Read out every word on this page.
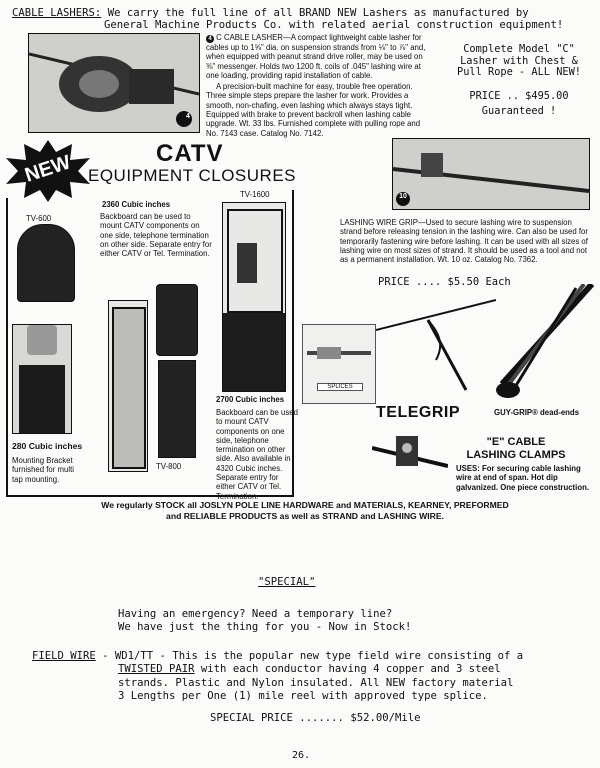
CABLE LASHERS: We carry the full line of all BRAND NEW Lashers as manufactured by
General Machine Products Co. with related aerial construction equipment!
4

4 C CABLE LASHER—A compact lightweight cable lasher for cables up to 1⅝" dia. on suspension strands from ⅛" to ⅞" and, when equipped with peanut strand drive roller, may be used on ⅜" messenger. Holds two 1200 ft. coils of .045" lashing wire at one loading, providing rapid installation of cable.

A precision-built machine for easy, trouble free operation. Three simple steps prepare the lasher for work. Provides a smooth, non-chafing, even lashing which always stays tight. Equipped with brake to prevent backroll when lashing cable upgrade. Wt. 33 lbs. Furnished complete with pulling rope and No. 7143 case. Catalog No. 7142.

Complete Model "C"
Lasher with Chest &
Pull Rope - ALL NEW!
PRICE .. $495.00
Guaranteed !
NEW	CATV
EQUIPMENT CLOSURES
TV-600
2360 Cubic inches
Backboard can be used to mount CATV components on one side, telephone termination on other side. Separate entry for either CATV or Tel. Termination.
TV-1600
280 Cubic inches
Mounting Bracket furnished for multi tap mounting.
TV-800
2700 Cubic inches
Backboard can be used to mount CATV components on one side, telephone termination on other side. Also available in 4320 Cubic inches. Separate entry for either CATV or Tel. Termination.
10
LASHING WIRE GRIP—Used to secure lashing wire to suspension strand before releasing tension in the lashing wire. Can also be used for temporarily fastening wire before lashing. It can be used with all sizes of lashing wire on most sizes of strand. It should be used as a tool and not as a permanent installation. Wt. 10 oz. Catalog No. 7362.
PRICE .... $5.50 Each
SPLICES
TELEGRIP	GUY-GRIP® dead-ends
"E" CABLE
LASHING CLAMPS
USES: For securing cable lashing wire at end of span. Hot dip galvanized. One piece construction.
We regularly STOCK all JOSLYN POLE LINE HARDWARE and MATERIALS, KEARNEY, PREFORMED
and RELIABLE PRODUCTS as well as STRAND and LASHING WIRE.
"SPECIAL"
Having an emergency? Need a temporary line?
We have just the thing for you - Now in Stock!
FIELD WIRE - WD1/TT - This is the popular new type field wire consisting of a
TWISTED PAIR with each conductor having 4 copper and 3 steel
strands. Plastic and Nylon insulated. All NEW factory material
3 Lengths per One (1) mile reel with approved type splice.
SPECIAL PRICE ....... $52.00/Mile
26.
